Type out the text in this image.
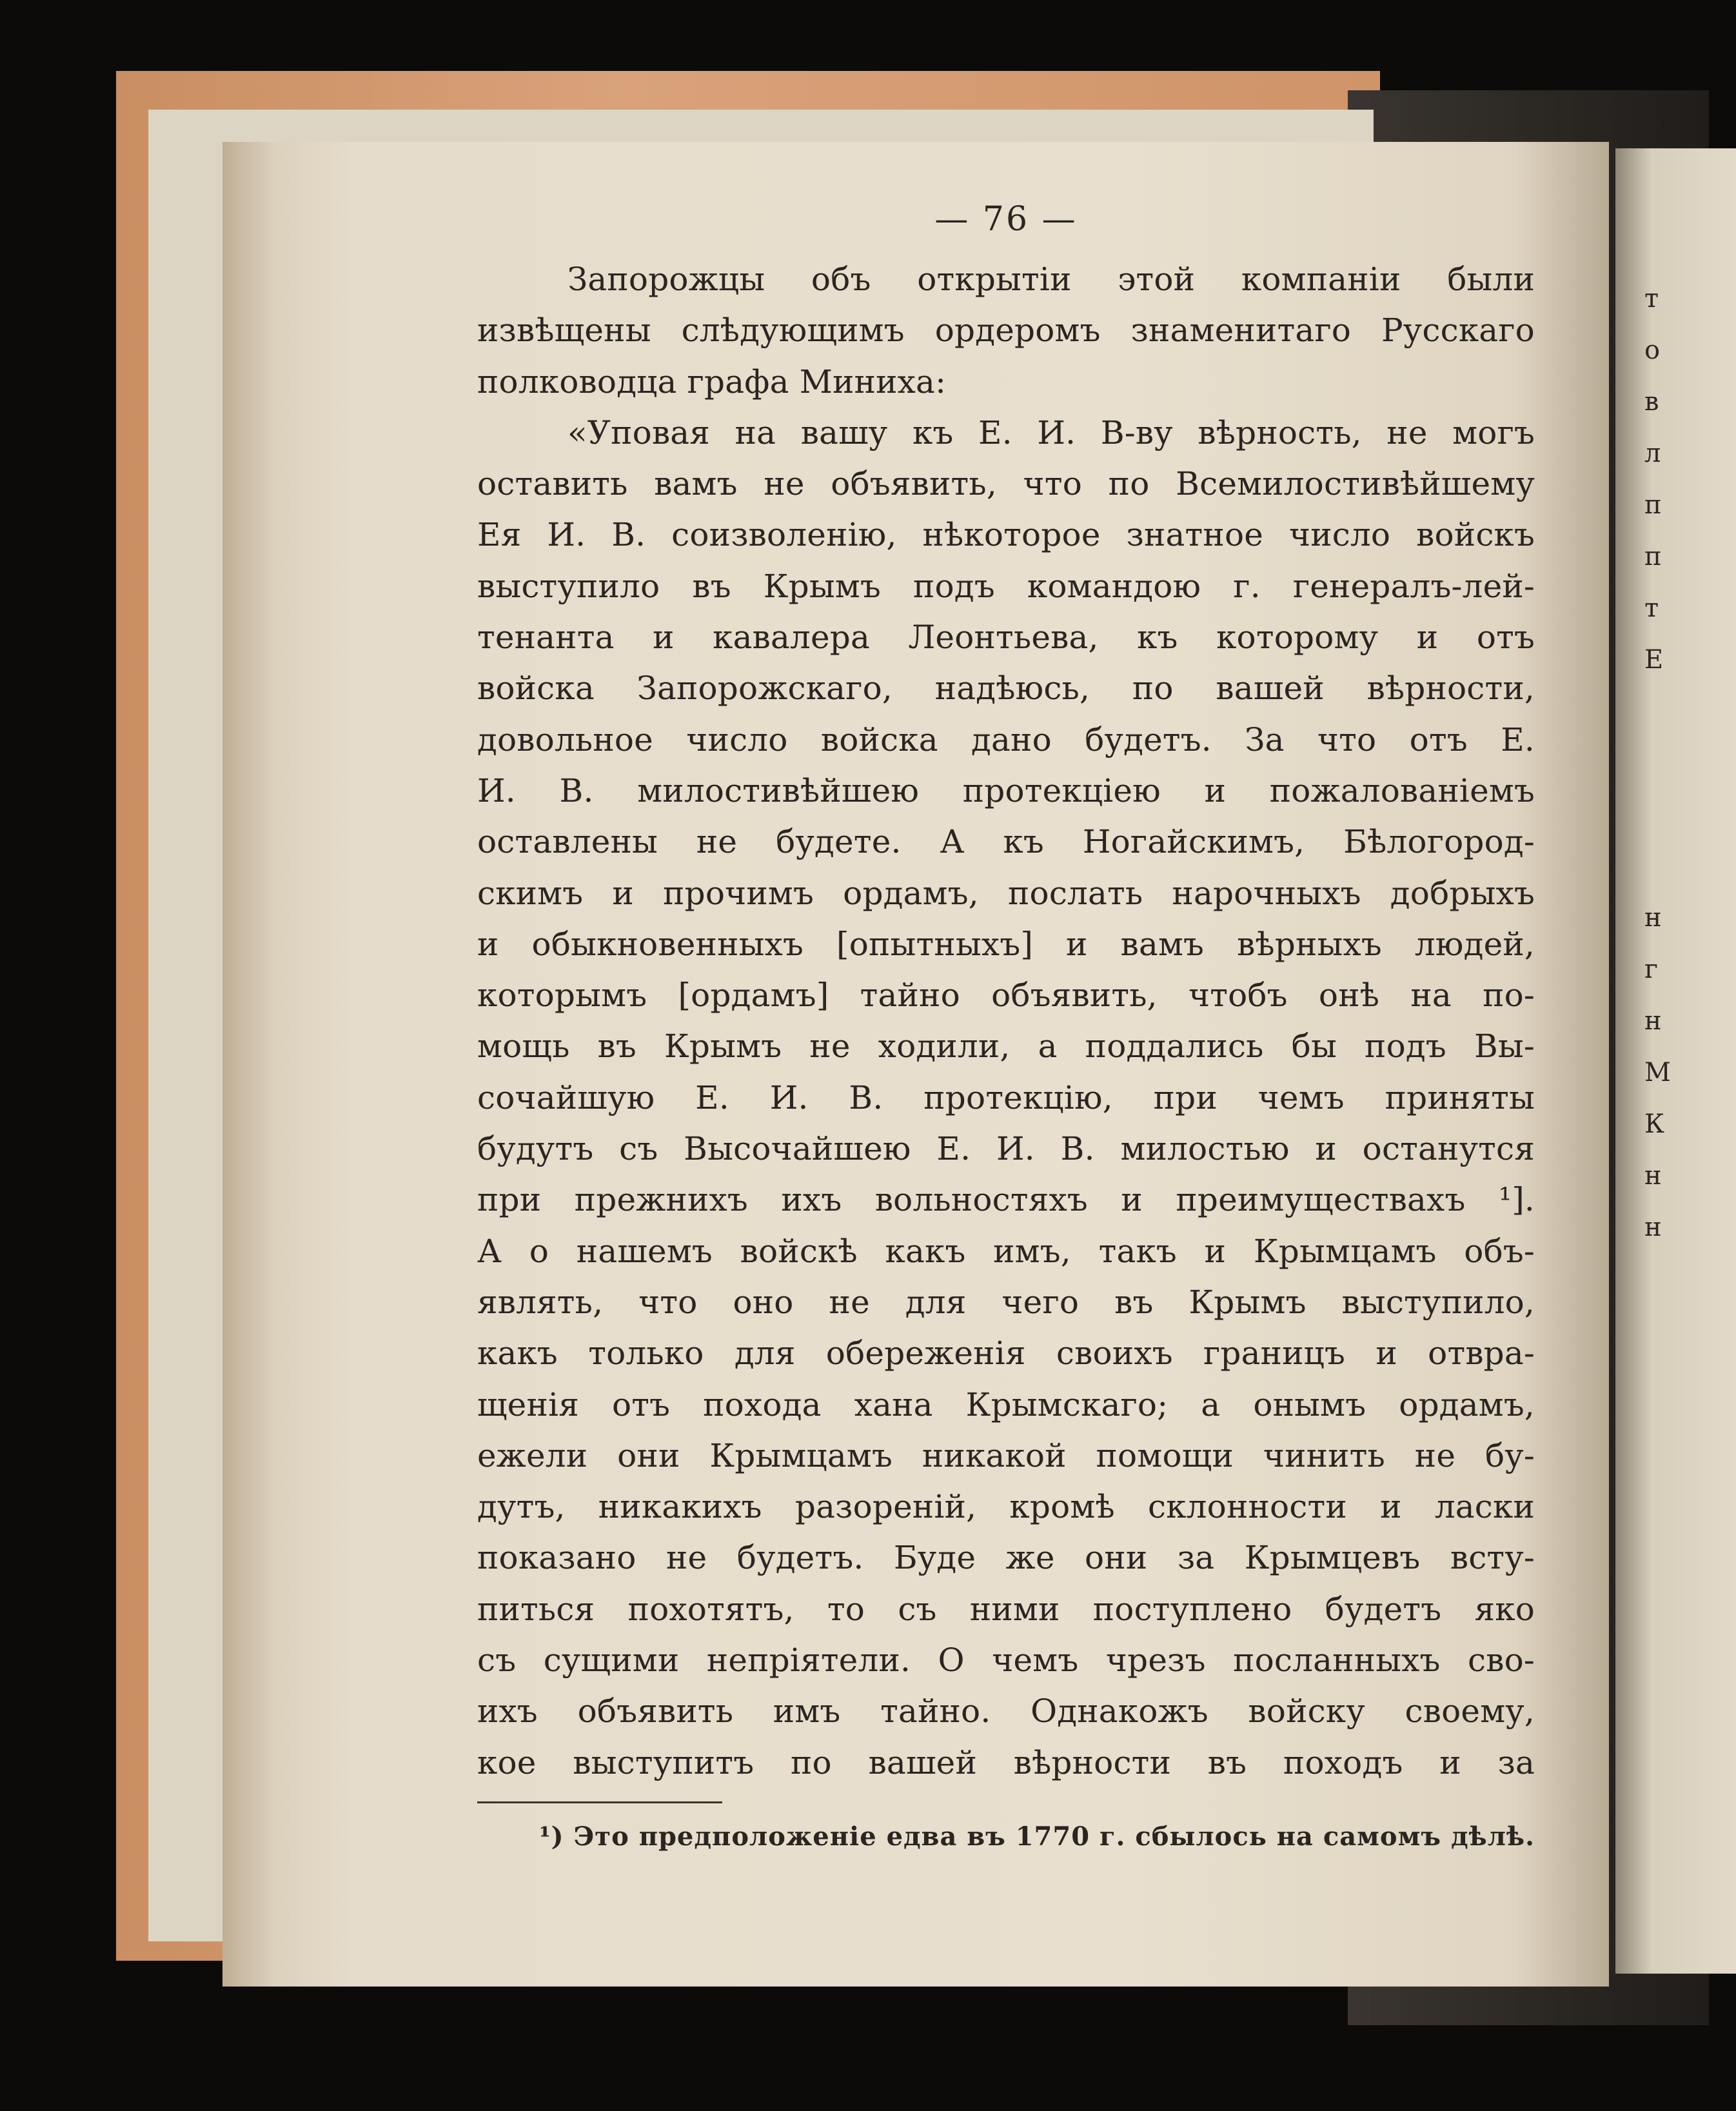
т
о
в
л
п
п
т
Е
н
г
н
М
К
н
н
— 76 —
Запорожцы объ открытіи этой компаніи были
извѣщены слѣдующимъ ордеромъ знаменитаго Русскаго
полководца графа Миниха:
«Уповая на вашу къ Е. И. В-ву вѣрность, не могъ
оставить вамъ не объявить, что по Всемилостивѣйшему
Ея И. В. соизволенію, нѣкоторое знатное число войскъ
выступило въ Крымъ подъ командою г. генералъ-лей-
тенанта и кавалера Леонтьева, къ которому и отъ
войска Запорожскаго, надѣюсь, по вашей вѣрности,
довольное число войска дано будетъ. За что отъ Е.
И. В. милостивѣйшею протекціею и пожалованіемъ
оставлены не будете. А къ Ногайскимъ, Бѣлогород-
скимъ и прочимъ ордамъ, послать нарочныхъ добрыхъ
и обыкновенныхъ [опытныхъ] и вамъ вѣрныхъ людей,
которымъ [ордамъ] тайно объявить, чтобъ онѣ на по-
мощь въ Крымъ не ходили, а поддались бы подъ Вы-
сочайшую Е. И. В. протекцію, при чемъ приняты
будутъ съ Высочайшею Е. И. В. милостью и останутся
при прежнихъ ихъ вольностяхъ и преимуществахъ ¹].
А о нашемъ войскѣ какъ имъ, такъ и Крымцамъ объ-
являть, что оно не для чего въ Крымъ выступило,
какъ только для обереженія своихъ границъ и отвра-
щенія отъ похода хана Крымскаго; а онымъ ордамъ,
ежели они Крымцамъ никакой помощи чинить не бу-
дутъ, никакихъ разореній, кромѣ склонности и ласки
показано не будетъ. Буде же они за Крымцевъ всту-
питься похотятъ, то съ ними поступлено будетъ яко
съ сущими непріятели. О чемъ чрезъ посланныхъ сво-
ихъ объявить имъ тайно. Однакожъ войску своему,
кое выступитъ по вашей вѣрности въ походъ и за
¹) Это предположеніе едва въ 1770 г. сбылось на самомъ дѣлѣ.
